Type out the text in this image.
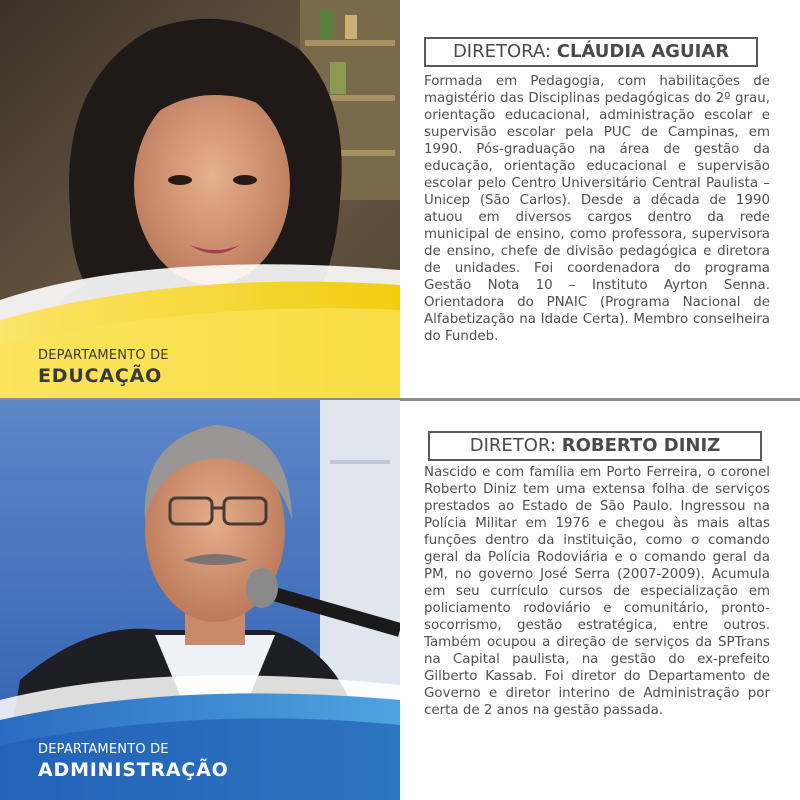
DEPARTAMENTO DE
EDUCAÇÃO
DIRETORA: CLÁUDIA AGUIAR
Formada em Pedagogia, com habilitações de magistério das Disciplinas pedagógicas do 2º grau, orientação educacional, administração escolar e supervisão escolar pela PUC de Campinas, em 1990. Pós-graduação na área de gestão da educação, orientação educacional e supervisão escolar pelo Centro Universitário Central Paulista – Unicep (São Carlos). Desde a década de 1990 atuou em diversos cargos dentro da rede municipal de ensino, como professora, supervisora de ensino, chefe de divisão pedagógica e diretora de unidades. Foi coordenadora do programa Gestão Nota 10 – Instituto Ayrton Senna. Orientadora do PNAIC (Programa Nacional de Alfabetização na Idade Certa). Membro conselheira do Fundeb.
DEPARTAMENTO DE
ADMINISTRAÇÃO
DIRETOR: ROBERTO DINIZ
Nascido e com família em Porto Ferreira, o coronel Roberto Diniz tem uma extensa folha de serviços prestados ao Estado de São Paulo. Ingressou na Polícia Militar em 1976 e chegou às mais altas funções dentro da instituição, como o comando geral da Polícia Rodoviária e o comando geral da PM, no governo José Serra (2007-2009). Acumula em seu currículo cursos de especialização em policiamento rodoviário e comunitário, pronto-socorrismo, gestão estratégica, entre outros. Também ocupou a direção de serviços da SPTrans na Capital paulista, na gestão do ex-prefeito Gilberto Kassab. Foi diretor do Departamento de Governo e diretor interino de Administração por certa de 2 anos na gestão passada.
